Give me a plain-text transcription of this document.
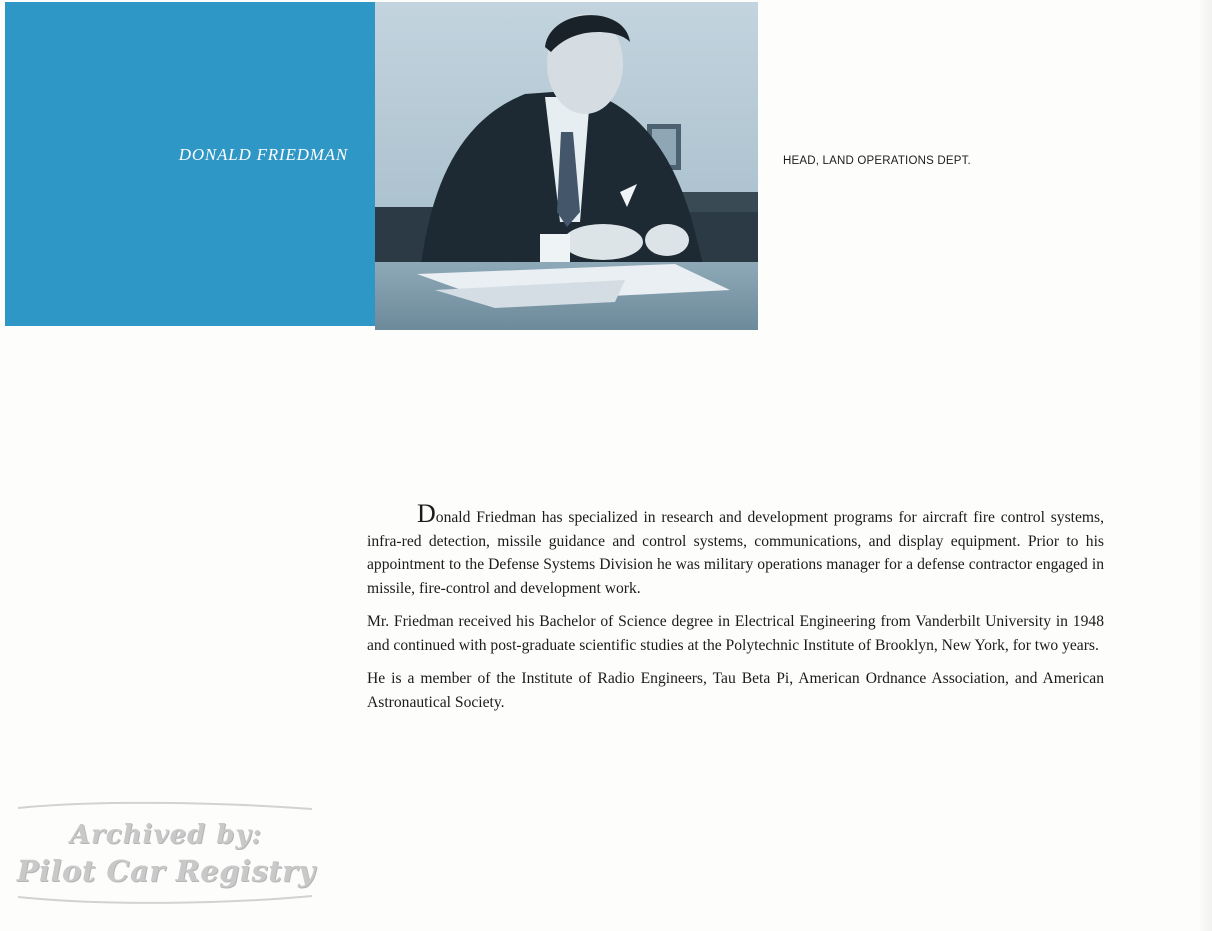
DONALD FRIEDMAN	HEAD, LAND OPERATIONS DEPT.

Donald Friedman has specialized in research and development programs for aircraft fire control systems, infra-red detection, missile guidance and control systems, communications, and display equipment. Prior to his appointment to the Defense Systems Division he was military operations manager for a defense contractor engaged in missile, fire-control and development work.

Mr. Friedman received his Bachelor of Science degree in Electrical Engineering from Vanderbilt University in 1948 and continued with post-graduate scientific studies at the Polytechnic Institute of Brooklyn, New York, for two years.

He is a member of the Institute of Radio Engineers, Tau Beta Pi, American Ordnance Association, and American Astronautical Society.

Archived by:
Pilot Car Registry
